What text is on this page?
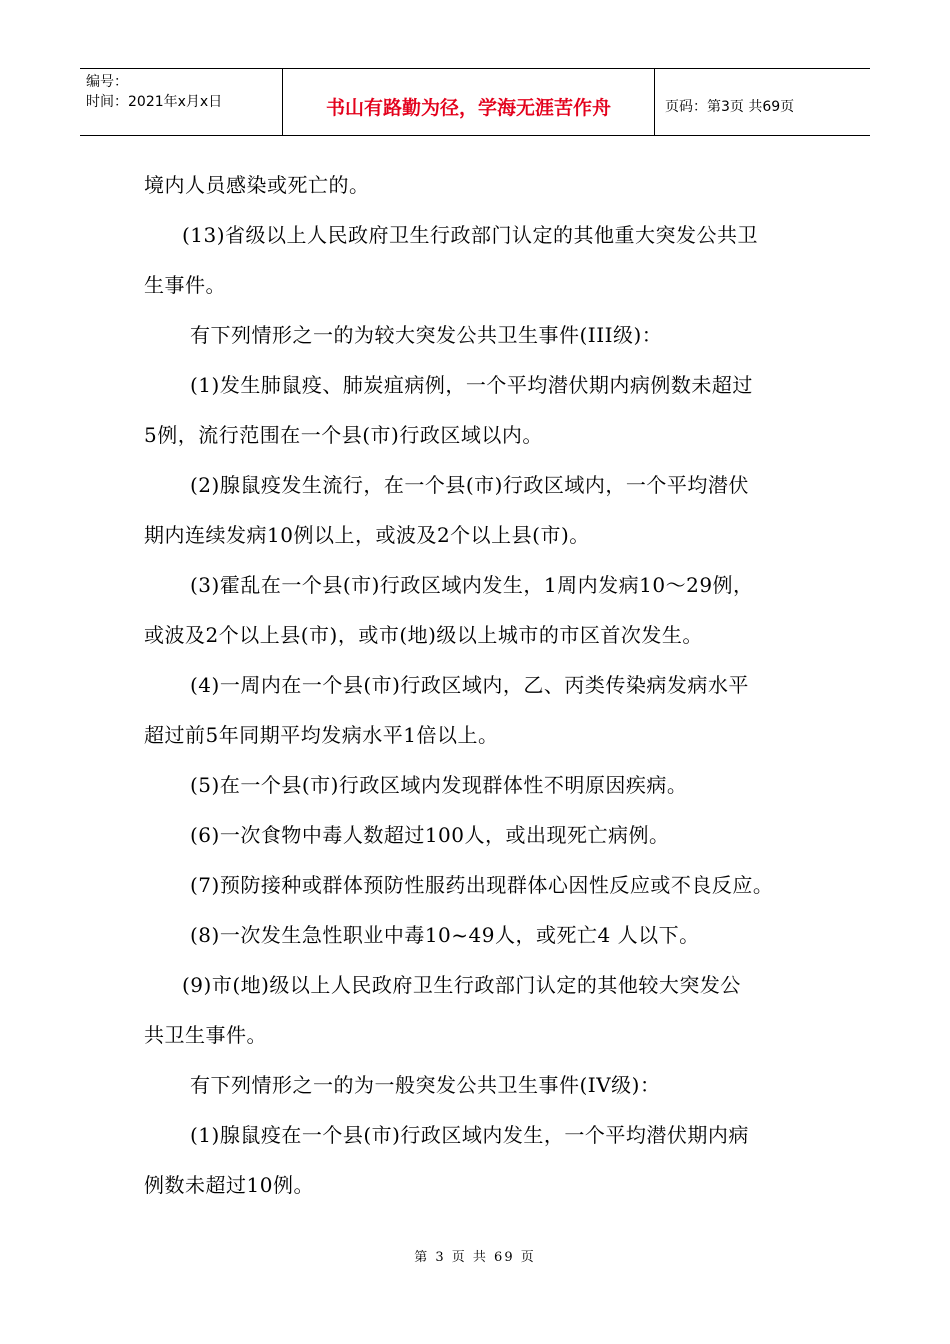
编号：
时间：2021年x月x日	书山有路勤为径，学海无涯苦作舟	页码：第3页 共69页

境内人员感染或死亡的。

(13)省级以上人民政府卫生行政部门认定的其他重大突发公共卫

生事件。

有下列情形之一的为较大突发公共卫生事件(III级)：

(1)发生肺鼠疫、肺炭疽病例，一个平均潜伏期内病例数未超过

5例，流行范围在一个县(市)行政区域以内。

(2)腺鼠疫发生流行，在一个县(市)行政区域内，一个平均潜伏

期内连续发病10例以上，或波及2个以上县(市)。

(3)霍乱在一个县(市)行政区域内发生，1周内发病10～29例，

或波及2个以上县(市)，或市(地)级以上城市的市区首次发生。

(4)一周内在一个县(市)行政区域内，乙、丙类传染病发病水平

超过前5年同期平均发病水平1倍以上。

(5)在一个县(市)行政区域内发现群体性不明原因疾病。

(6)一次食物中毒人数超过100人，或出现死亡病例。

(7)预防接种或群体预防性服药出现群体心因性反应或不良反应。

(8)一次发生急性职业中毒10~49人，或死亡4 人以下。

(9)市(地)级以上人民政府卫生行政部门认定的其他较大突发公

共卫生事件。

有下列情形之一的为一般突发公共卫生事件(IV级)：

(1)腺鼠疫在一个县(市)行政区域内发生，一个平均潜伏期内病

例数未超过10例。

第 3 页 共 69 页
